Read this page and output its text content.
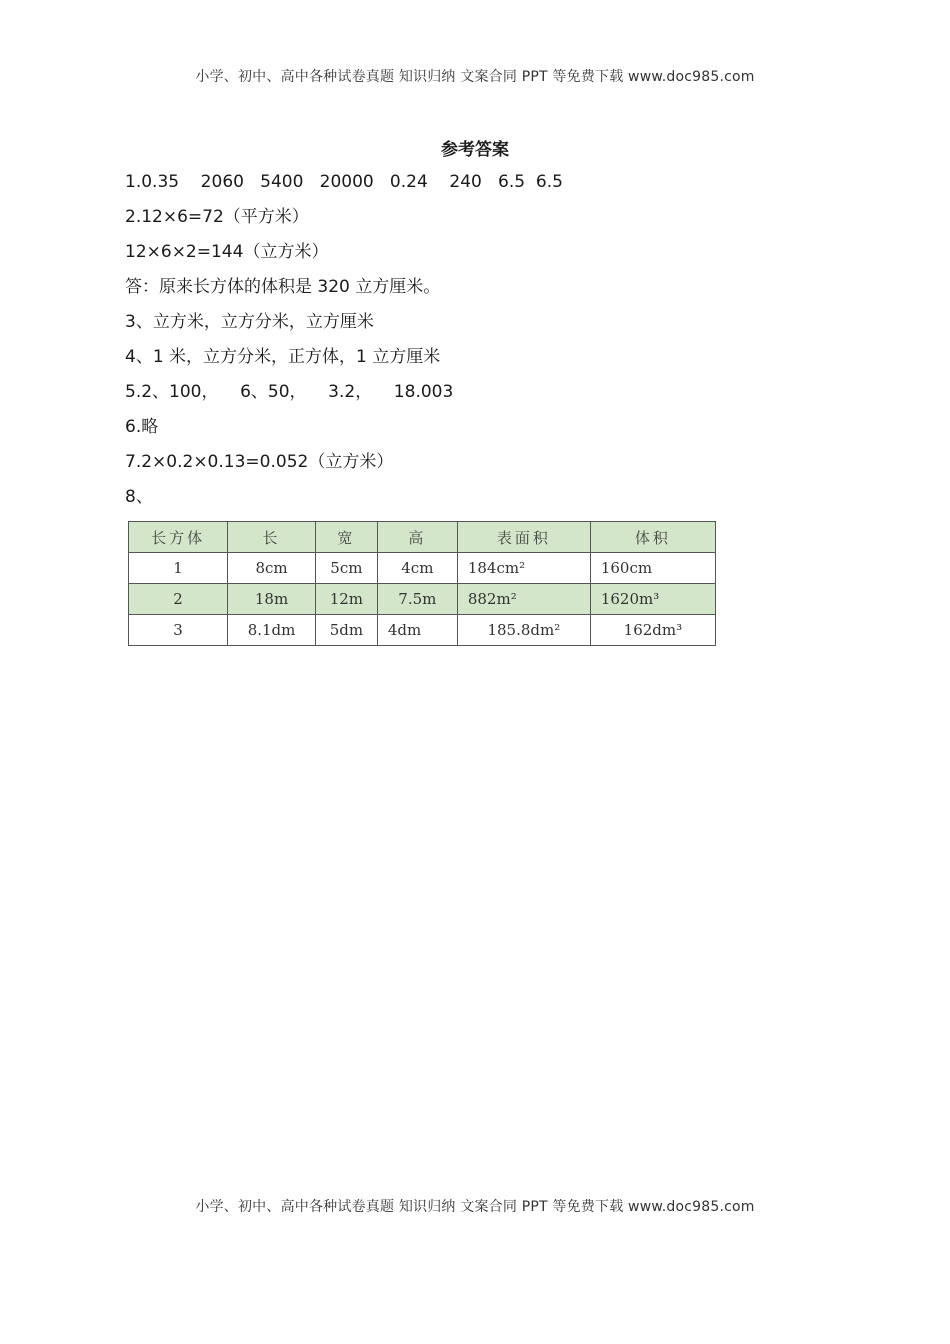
小学、初中、高中各种试卷真题 知识归纳 文案合同 PPT 等免费下载 www.doc985.com
参考答案
1.0.35    2060   5400   20000   0.24    240   6.5  6.5
2.12×6=72（平方米）
12×6×2=144（立方米）
答：原来长方体的体积是 320 立方厘米。
3、立方米，立方分米，立方厘米
4、1 米，立方分米，正方体，1 立方厘米
5.2、100，    6、50，    3.2，    18.003
6.略
7.2×0.2×0.13=0.052（立方米）
8、
长方体	长	宽	高	表面积	体积
1	8cm	5cm	4cm	184cm²	160cm
2	18m	12m	7.5m	882m²	1620m³
3	8.1dm	5dm	4dm	185.8dm²	162dm³
小学、初中、高中各种试卷真题 知识归纳 文案合同 PPT 等免费下载 www.doc985.com
